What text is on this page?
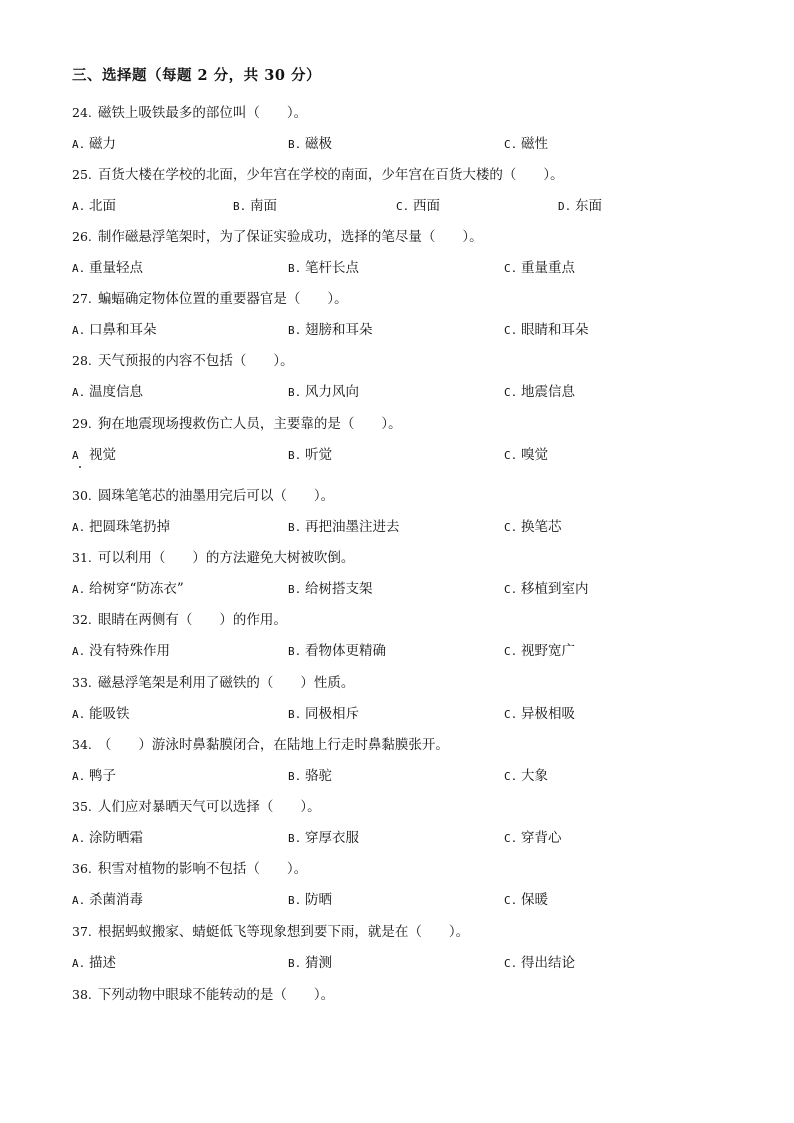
三、选择题（每题 2 分，共 30 分）
24. 磁铁上吸铁最多的部位叫（　　）。
A. 磁力	B. 磁极	C. 磁性
25. 百货大楼在学校的北面，少年宫在学校的南面，少年宫在百货大楼的（　　）。
A. 北面	B. 南面	C. 西面	D. 东面
26. 制作磁悬浮笔架时，为了保证实验成功，选择的笔尽量（　　）。
A. 重量轻点	B. 笔杆长点	C. 重量重点
27. 蝙蝠确定物体位置的重要器官是（　　）。
A. 口鼻和耳朵	B. 翅膀和耳朵	C. 眼睛和耳朵
28. 天气预报的内容不包括（　　）。
A. 温度信息	B. 风力风向	C. 地震信息
29. 狗在地震现场搜救伤亡人员，主要靠的是（　　）。
A 视觉	B. 听觉	C. 嗅觉
30. 圆珠笔笔芯的油墨用完后可以（　　）。
A. 把圆珠笔扔掉	B. 再把油墨注进去	C. 换笔芯
31. 可以利用（　　）的方法避免大树被吹倒。
A. 给树穿“防冻衣”	B. 给树搭支架	C. 移植到室内
32. 眼睛在两侧有（　　）的作用。
A. 没有特殊作用	B. 看物体更精确	C. 视野宽广
33. 磁悬浮笔架是利用了磁铁的（　　）性质。
A. 能吸铁	B. 同极相斥	C. 异极相吸
34. （　　）游泳时鼻黏膜闭合，在陆地上行走时鼻黏膜张开。
A. 鸭子	B. 骆驼	C. 大象
35. 人们应对暴晒天气可以选择（　　）。
A. 涂防晒霜	B. 穿厚衣服	C. 穿背心
36. 积雪对植物的影响不包括（　　）。
A. 杀菌消毒	B. 防晒	C. 保暖
37. 根据蚂蚁搬家、蜻蜓低飞等现象想到要下雨，就是在（　　）。
A. 描述	B. 猜测	C. 得出结论
38. 下列动物中眼球不能转动的是（　　）。
